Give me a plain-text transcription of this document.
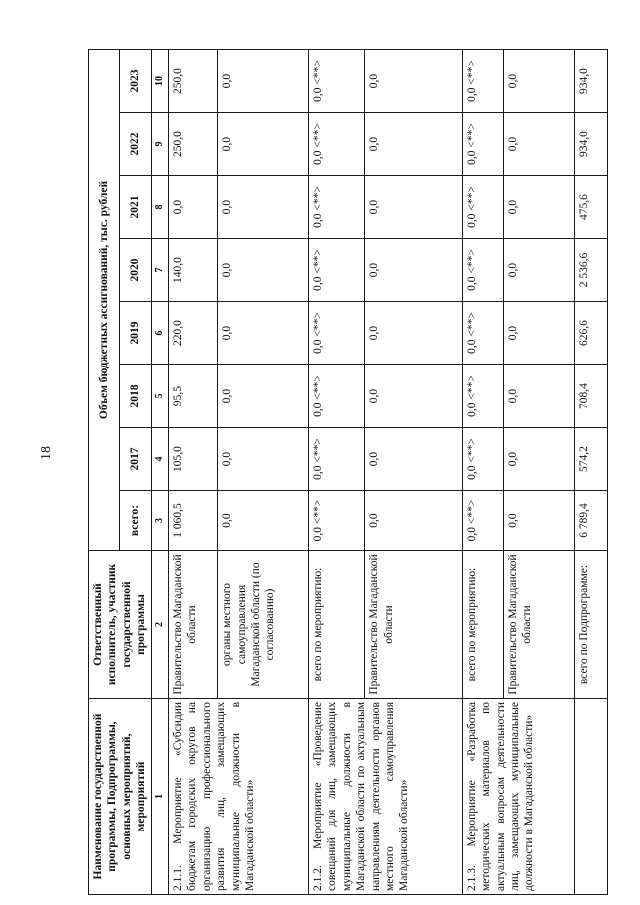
18
Наименование государственной программы, Подпрограммы, основных мероприятий, мероприятий	Ответственный исполнитель, участник государственной программы	Объем бюджетных ассигнований, тыс. рублей							
		всего:	2017	2018	2019	2020	2021	2022	2023
1	2	3	4	5	6	7	8	9	10
2.1.1. Мероприятие «Субсидии бюджетам городских округов на организацию профессионального развития лиц, замещающих муниципальные должности в Магаданской области»	Правительство Магаданской области	1 060,5	105,0	95,5	220,0	140,0	0,0	250,0	250,0
	органы местного самоуправления Магаданской области (по согласованию)	0,0	0,0	0,0	0,0	0,0	0,0	0,0	0,0
2.1.2. Мероприятие «Проведение совещаний для лиц, замещающих муниципальные должности в Магаданской области по актуальным направлениям деятельности органов местного самоуправления Магаданской области»	всего по мероприятию:	0,0 <**>	0,0 <**>	0,0 <**>	0,0 <**>	0,0 <**>	0,0 <**>	0,0 <**>	0,0 <**>
	Правительство Магаданской области	0,0	0,0	0,0	0,0	0,0	0,0	0,0	0,0
2.1.3. Мероприятие «Разработка методических материалов по актуальным вопросам деятельности лиц, замещающих муниципальные должности в Магаданской области»	всего по мероприятию:	0,0 <**>	0,0 <**>	0,0 <**>	0,0 <**>	0,0 <**>	0,0 <**>	0,0 <**>	0,0 <**>
	Правительство Магаданской области	0,0	0,0	0,0	0,0	0,0	0,0	0,0	0,0
	всего по Подпрограмме:	6 789,4	574,2	708,4	626,6	2 536,6	475,6	934,0	934,0
